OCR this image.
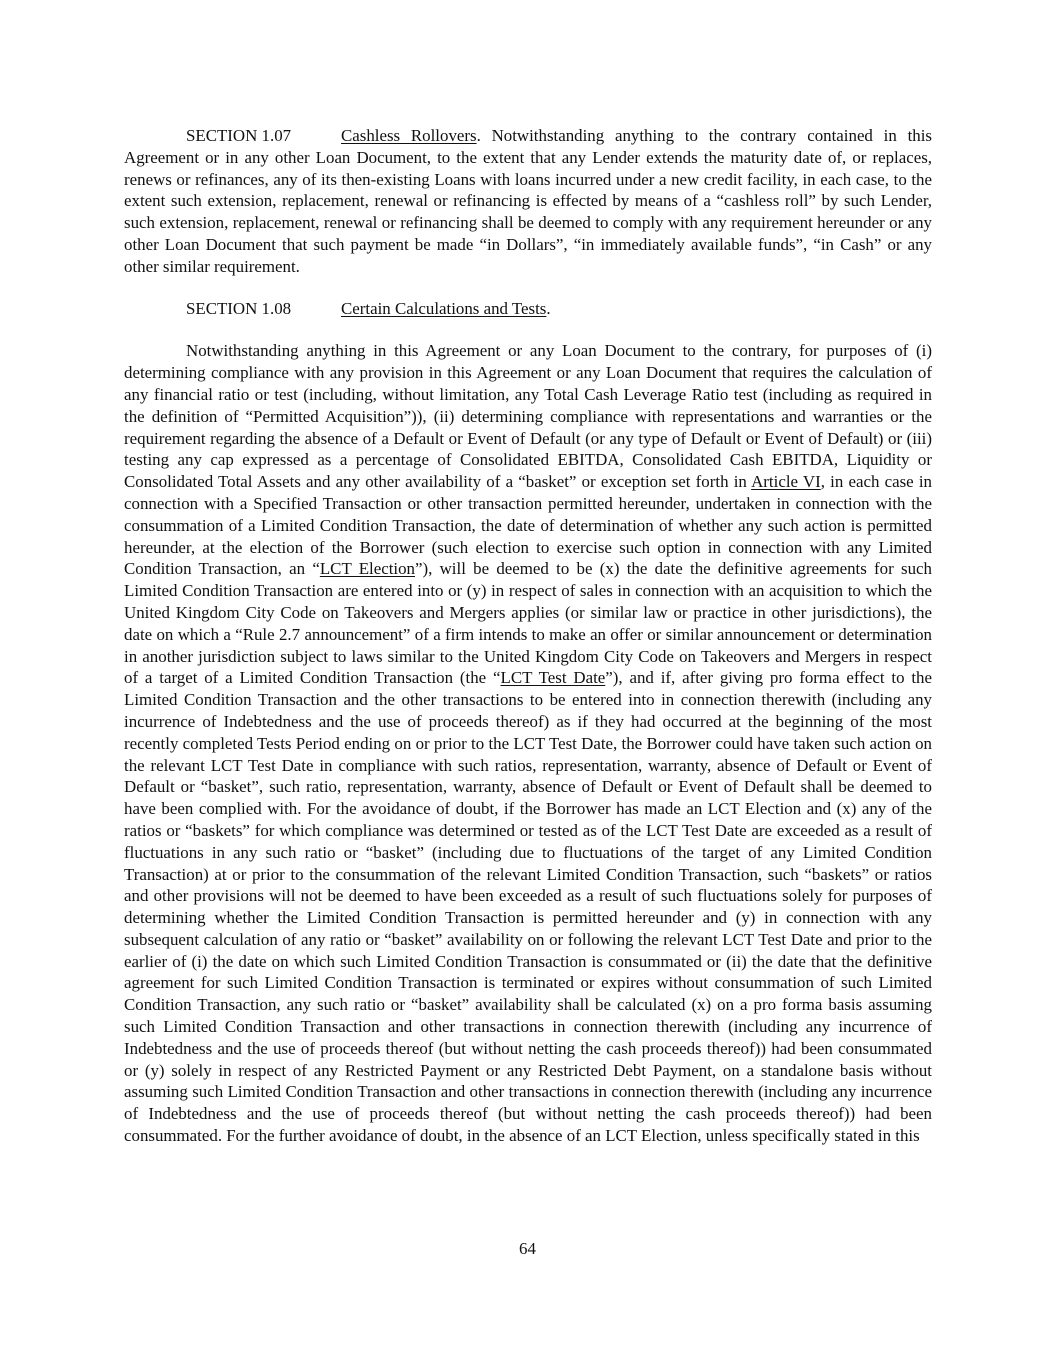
SECTION 1.07	Cashless Rollovers. Notwithstanding anything to the contrary contained in this Agreement or in any other Loan Document, to the extent that any Lender extends the maturity date of, or replaces, renews or refinances, any of its then-existing Loans with loans incurred under a new credit facility, in each case, to the extent such extension, replacement, renewal or refinancing is effected by means of a “cashless roll” by such Lender, such extension, replacement, renewal or refinancing shall be deemed to comply with any requirement hereunder or any other Loan Document that such payment be made “in Dollars”, “in immediately available funds”, “in Cash” or any other similar requirement.

SECTION 1.08	Certain Calculations and Tests.

Notwithstanding anything in this Agreement or any Loan Document to the contrary, for purposes of (i) determining compliance with any provision in this Agreement or any Loan Document that requires the calculation of any financial ratio or test (including, without limitation, any Total Cash Leverage Ratio test (including as required in the definition of “Permitted Acquisition”)), (ii) determining compliance with representations and warranties or the requirement regarding the absence of a Default or Event of Default (or any type of Default or Event of Default) or (iii) testing any cap expressed as a percentage of Consolidated EBITDA, Consolidated Cash EBITDA, Liquidity or Consolidated Total Assets and any other availability of a “basket” or exception set forth in Article VI, in each case in connection with a Specified Transaction or other transaction permitted hereunder, undertaken in connection with the consummation of a Limited Condition Transaction, the date of determination of whether any such action is permitted hereunder, at the election of the Borrower (such election to exercise such option in connection with any Limited Condition Transaction, an “LCT Election”), will be deemed to be (x) the date the definitive agreements for such Limited Condition Transaction are entered into or (y) in respect of sales in connection with an acquisition to which the United Kingdom City Code on Takeovers and Mergers applies (or similar law or practice in other jurisdictions), the date on which a “Rule 2.7 announcement” of a firm intends to make an offer or similar announcement or determination in another jurisdiction subject to laws similar to the United Kingdom City Code on Takeovers and Mergers in respect of a target of a Limited Condition Transaction (the “LCT Test Date”), and if, after giving pro forma effect to the Limited Condition Transaction and the other transactions to be entered into in connection therewith (including any incurrence of Indebtedness and the use of proceeds thereof) as if they had occurred at the beginning of the most recently completed Tests Period ending on or prior to the LCT Test Date, the Borrower could have taken such action on the relevant LCT Test Date in compliance with such ratios, representation, warranty, absence of Default or Event of Default or “basket”, such ratio, representation, warranty, absence of Default or Event of Default shall be deemed to have been complied with. For the avoidance of doubt, if the Borrower has made an LCT Election and (x) any of the ratios or “baskets” for which compliance was determined or tested as of the LCT Test Date are exceeded as a result of fluctuations in any such ratio or “basket” (including due to fluctuations of the target of any Limited Condition Transaction) at or prior to the consummation of the relevant Limited Condition Transaction, such “baskets” or ratios and other provisions will not be deemed to have been exceeded as a result of such fluctuations solely for purposes of determining whether the Limited Condition Transaction is permitted hereunder and (y) in connection with any subsequent calculation of any ratio or “basket” availability on or following the relevant LCT Test Date and prior to the earlier of (i) the date on which such Limited Condition Transaction is consummated or (ii) the date that the definitive agreement for such Limited Condition Transaction is terminated or expires without consummation of such Limited Condition Transaction, any such ratio or “basket” availability shall be calculated (x) on a pro forma basis assuming such Limited Condition Transaction and other transactions in connection therewith (including any incurrence of Indebtedness and the use of proceeds thereof (but without netting the cash proceeds thereof)) had been consummated or (y) solely in respect of any Restricted Payment or any Restricted Debt Payment, on a standalone basis without assuming such Limited Condition Transaction and other transactions in connection therewith (including any incurrence of Indebtedness and the use of proceeds thereof (but without netting the cash proceeds thereof)) had been consummated. For the further avoidance of doubt, in the absence of an LCT Election, unless specifically stated in this

64
